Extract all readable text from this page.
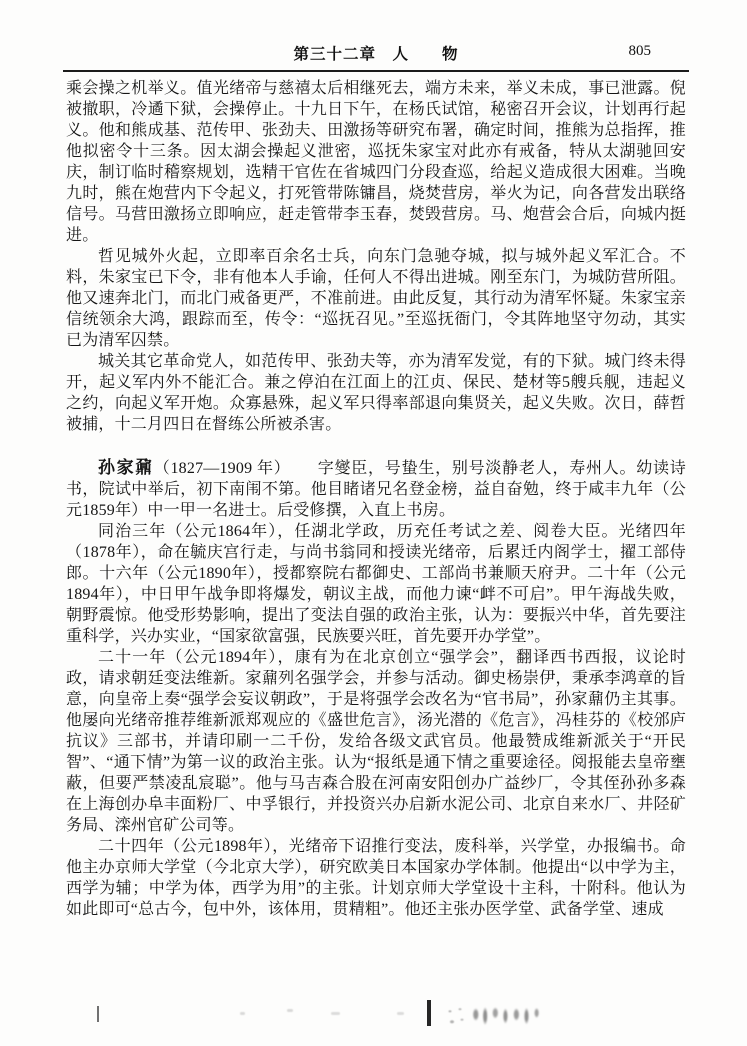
第三十二章　人　　物	805

乘会操之机举义。值光绪帝与慈禧太后相继死去，端方未来，举义未成，事已泄露。倪被撤职，冷遹下狱，会操停止。十九日下午，在杨氏试馆，秘密召开会议，计划再行起义。他和熊成基、范传甲、张劲夫、田激扬等研究布署，确定时间，推熊为总指挥，推他拟密令十三条。因太湖会操起义泄密，巡抚朱家宝对此亦有戒备，特从太湖驰回安庆，制订临时稽察规划，选精干官佐在省城四门分段查巡，给起义造成很大困难。当晚九时，熊在炮营内下令起义，打死管带陈镛昌，烧焚营房，举火为记，向各营发出联络信号。马营田激扬立即响应，赶走管带李玉春，焚毁营房。马、炮营会合后，向城内挺进。

哲见城外火起，立即率百余名士兵，向东门急驰夺城，拟与城外起义军汇合。不料，朱家宝已下令，非有他本人手谕，任何人不得出进城。刚至东门，为城防营所阻。他又速奔北门，而北门戒备更严，不准前进。由此反复，其行动为清军怀疑。朱家宝亲信统领余大鸿，跟踪而至，传令：“巡抚召见。”至巡抚衙门，令其阵地坚守勿动，其实已为清军囚禁。

城关其它革命党人，如范传甲、张劲夫等，亦为清军发觉，有的下狱。城门终未得开，起义军内外不能汇合。兼之停泊在江面上的江贞、保民、楚材等5艘兵舰，违起义之约，向起义军开炮。众寡悬殊，起义军只得率部退向集贤关，起义失败。次日，薛哲被捕，十二月四日在督练公所被杀害。

孙家鼐（1827—1909 年） 字燮臣，号蛰生，别号淡静老人，寿州人。幼读诗书，院试中举后，初下南闱不第。他目睹诸兄名登金榜，益自奋勉，终于咸丰九年（公元1859年）中一甲一名进士。后受修撰，入直上书房。

同治三年（公元1864年），任湖北学政，历充任考试之差、阅卷大臣。光绪四年（1878年），命在毓庆宫行走，与尚书翁同和授读光绪帝，后累迁内阁学士，擢工部侍郎。十六年（公元1890年），授都察院右都御史、工部尚书兼顺天府尹。二十年（公元1894年），中日甲午战争即将爆发，朝议主战，而他力谏“衅不可启”。甲午海战失败，朝野震惊。他受形势影响，提出了变法自强的政治主张，认为：要振兴中华，首先要注重科学，兴办实业，“国家欲富强，民族要兴旺，首先要开办学堂”。

二十一年（公元1894年），康有为在北京创立“强学会”，翻译西书西报，议论时政，请求朝廷变法维新。家鼐列名强学会，并参与活动。御史杨崇伊，秉承李鸿章的旨意，向皇帝上奏“强学会妄议朝政”，于是将强学会改名为“官书局”，孙家鼐仍主其事。他屡向光绪帝推荐维新派郑观应的《盛世危言》，汤光潜的《危言》，冯桂芬的《校邠庐抗议》三部书，并请印刷一二千份，发给各级文武官员。他最赞成维新派关于“开民智”、“通下情”为第一议的政治主张。认为“报纸是通下情之重要途径。阅报能去皇帝壅蔽，但要严禁凌乱宸聪”。他与马吉森合股在河南安阳创办广益纱厂，令其侄孙孙多森在上海创办阜丰面粉厂、中孚银行，并投资兴办启新水泥公司、北京自来水厂、井陉矿务局、滦州官矿公司等。

二十四年（公元1898年），光绪帝下诏推行变法，废科举，兴学堂，办报编书。命他主办京师大学堂（今北京大学），研究欧美日本国家办学体制。他提出“以中学为主，西学为辅；中学为体，西学为用”的主张。计划京师大学堂设十主科，十附科。他认为如此即可“总古今，包中外，该体用，贯精粗”。他还主张办医学堂、武备学堂、速成
